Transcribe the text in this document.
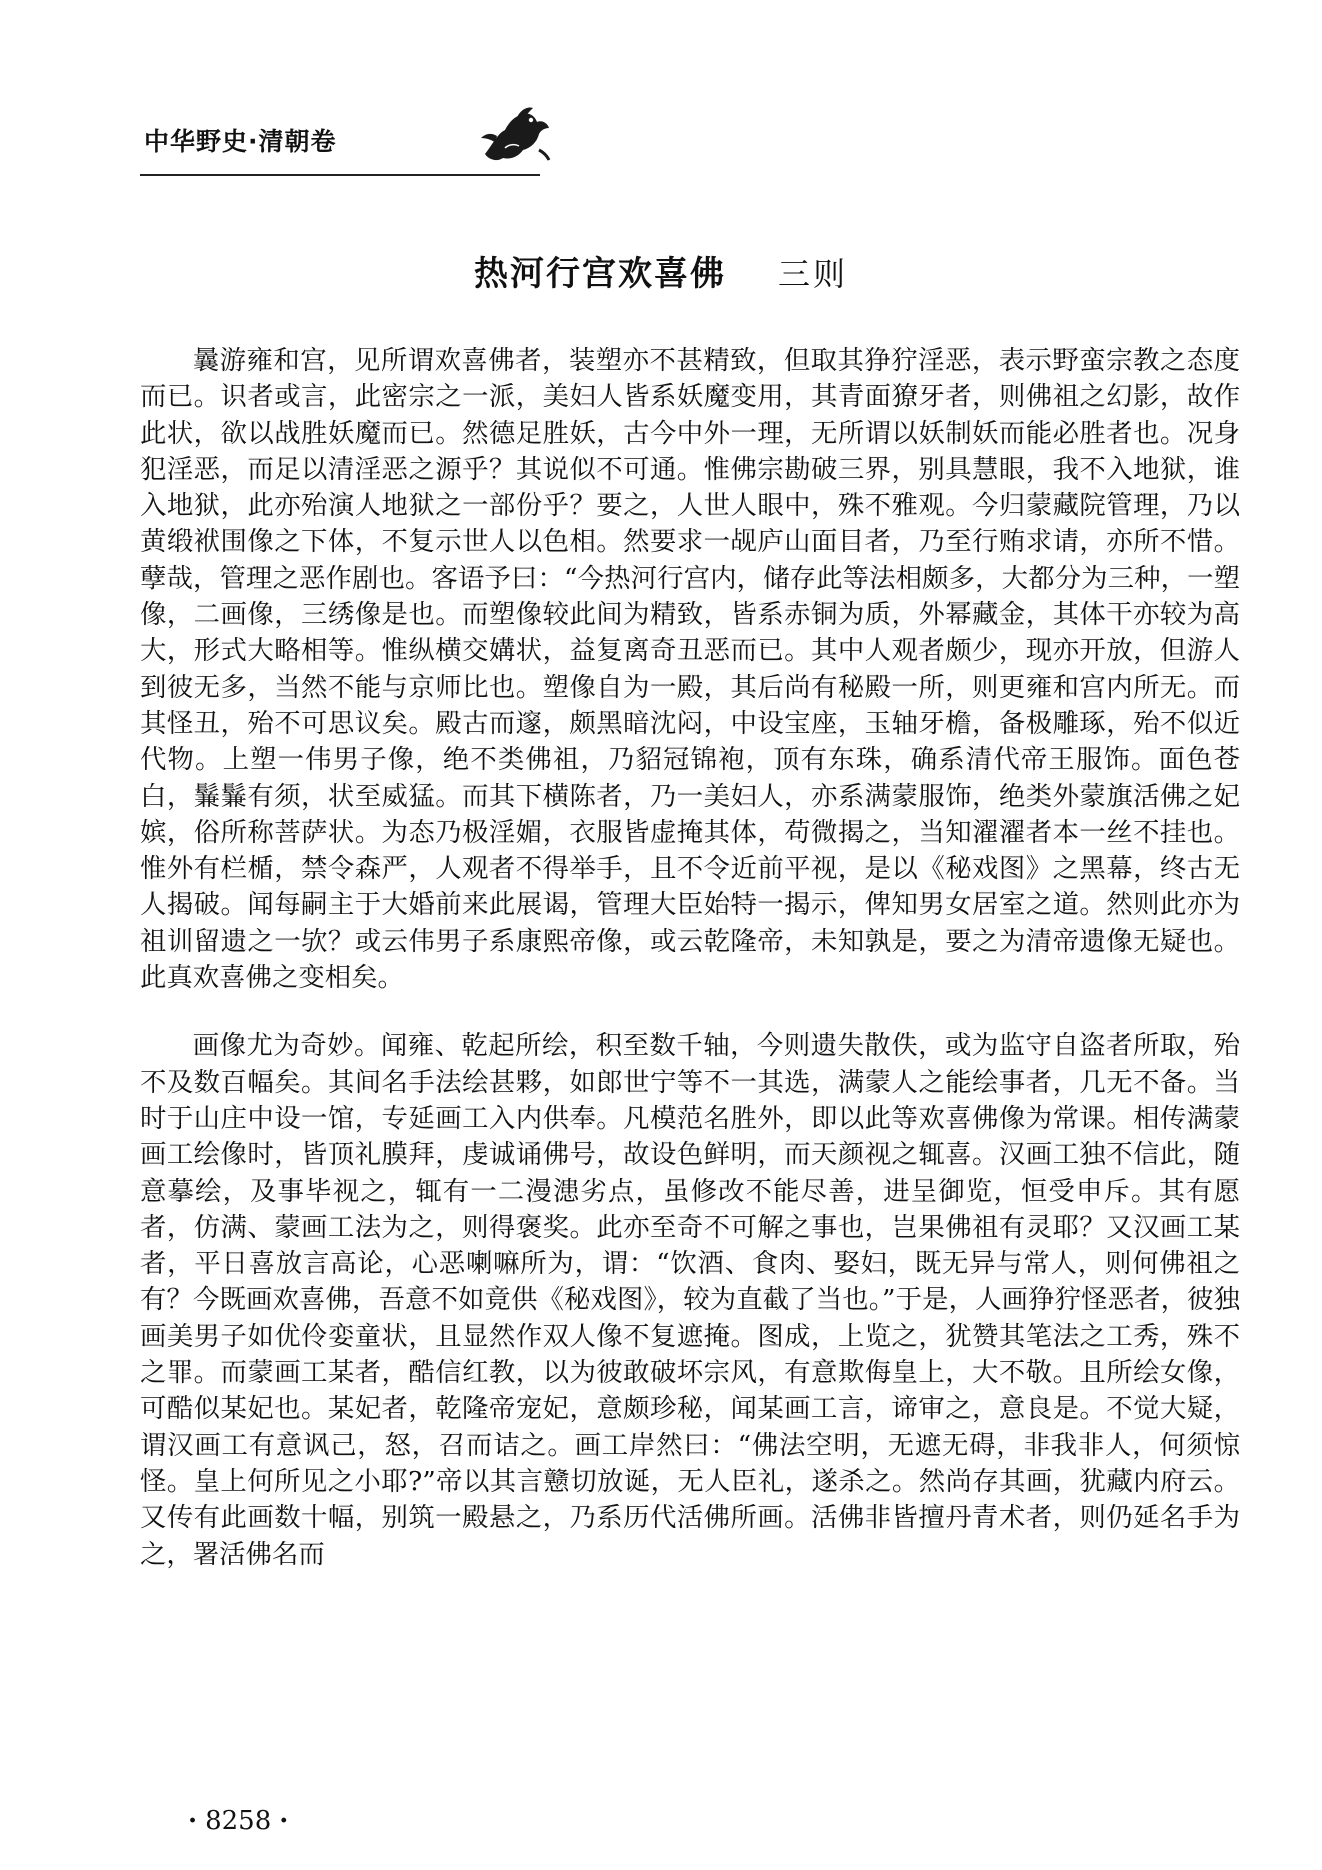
中华野史·清朝卷
热河行宫欢喜佛 三则

曩游雍和宫，见所谓欢喜佛者，装塑亦不甚精致，但取其狰狞淫恶，表示野蛮宗教之态度而已。识者或言，此密宗之一派，美妇人皆系妖魔变用，其青面獠牙者，则佛祖之幻影，故作此状，欲以战胜妖魔而已。然德足胜妖，古今中外一理，无所谓以妖制妖而能必胜者也。况身犯淫恶，而足以清淫恶之源乎？其说似不可通。惟佛宗勘破三界，别具慧眼，我不入地狱，谁入地狱，此亦殆演人地狱之一部份乎？要之，人世人眼中，殊不雅观。今归蒙藏院管理，乃以黄缎袱围像之下体，不复示世人以色相。然要求一觇庐山面目者，乃至行贿求请，亦所不惜。孽哉，管理之恶作剧也。客语予曰：“今热河行宫内，储存此等法相颇多，大都分为三种，一塑像，二画像，三绣像是也。而塑像较此间为精致，皆系赤铜为质，外幂藏金，其体干亦较为高大，形式大略相等。惟纵横交媾状，益复离奇丑恶而已。其中人观者颇少，现亦开放，但游人到彼无多，当然不能与京师比也。塑像自为一殿，其后尚有秘殿一所，则更雍和宫内所无。而其怪丑，殆不可思议矣。殿古而邃，颇黑暗沈闷，中设宝座，玉轴牙檐，备极雕琢，殆不似近代物。上塑一伟男子像，绝不类佛祖，乃貂冠锦袍，顶有东珠，确系清代帝王服饰。面色苍白，鬑鬑有须，状至威猛。而其下横陈者，乃一美妇人，亦系满蒙服饰，绝类外蒙旗活佛之妃嫔，俗所称菩萨状。为态乃极淫媚，衣服皆虚掩其体，苟微揭之，当知濯濯者本一丝不挂也。惟外有栏楯，禁令森严，人观者不得举手，且不令近前平视，是以《秘戏图》之黑幕，终古无人揭破。闻每嗣主于大婚前来此展谒，管理大臣始特一揭示，俾知男女居室之道。然则此亦为祖训留遗之一欤？或云伟男子系康熙帝像，或云乾隆帝，未知孰是，要之为清帝遗像无疑也。此真欢喜佛之变相矣。

画像尤为奇妙。闻雍、乾起所绘，积至数千轴，今则遗失散佚，或为监守自盗者所取，殆不及数百幅矣。其间名手法绘甚夥，如郎世宁等不一其选，满蒙人之能绘事者，几无不备。当时于山庄中设一馆，专延画工入内供奉。凡模范名胜外，即以此等欢喜佛像为常课。相传满蒙画工绘像时，皆顶礼膜拜，虔诚诵佛号，故设色鲜明，而天颜视之辄喜。汉画工独不信此，随意摹绘，及事毕视之，辄有一二漫漶劣点，虽修改不能尽善，进呈御览，恒受申斥。其有愿者，仿满、蒙画工法为之，则得褒奖。此亦至奇不可解之事也，岂果佛祖有灵耶？又汉画工某者，平日喜放言高论，心恶喇嘛所为，谓：“饮酒、食肉、娶妇，既无异与常人，则何佛祖之有？今既画欢喜佛，吾意不如竟供《秘戏图》，较为直截了当也。”于是，人画狰狞怪恶者，彼独画美男子如优伶娈童状，且显然作双人像不复遮掩。图成，上览之，犹赞其笔法之工秀，殊不之罪。而蒙画工某者，酷信红教，以为彼敢破坏宗风，有意欺侮皇上，大不敬。且所绘女像，可酷似某妃也。某妃者，乾隆帝宠妃，意颇珍秘，闻某画工言，谛审之，意良是。不觉大疑，谓汉画工有意讽己，怒，召而诘之。画工岸然曰：“佛法空明，无遮无碍，非我非人，何须惊怪。皇上何所见之小耶?”帝以其言戆切放诞，无人臣礼，遂杀之。然尚存其画，犹藏内府云。又传有此画数十幅，别筑一殿悬之，乃系历代活佛所画。活佛非皆擅丹青术者，则仍延名手为之，署活佛名而

· 8258 ·
